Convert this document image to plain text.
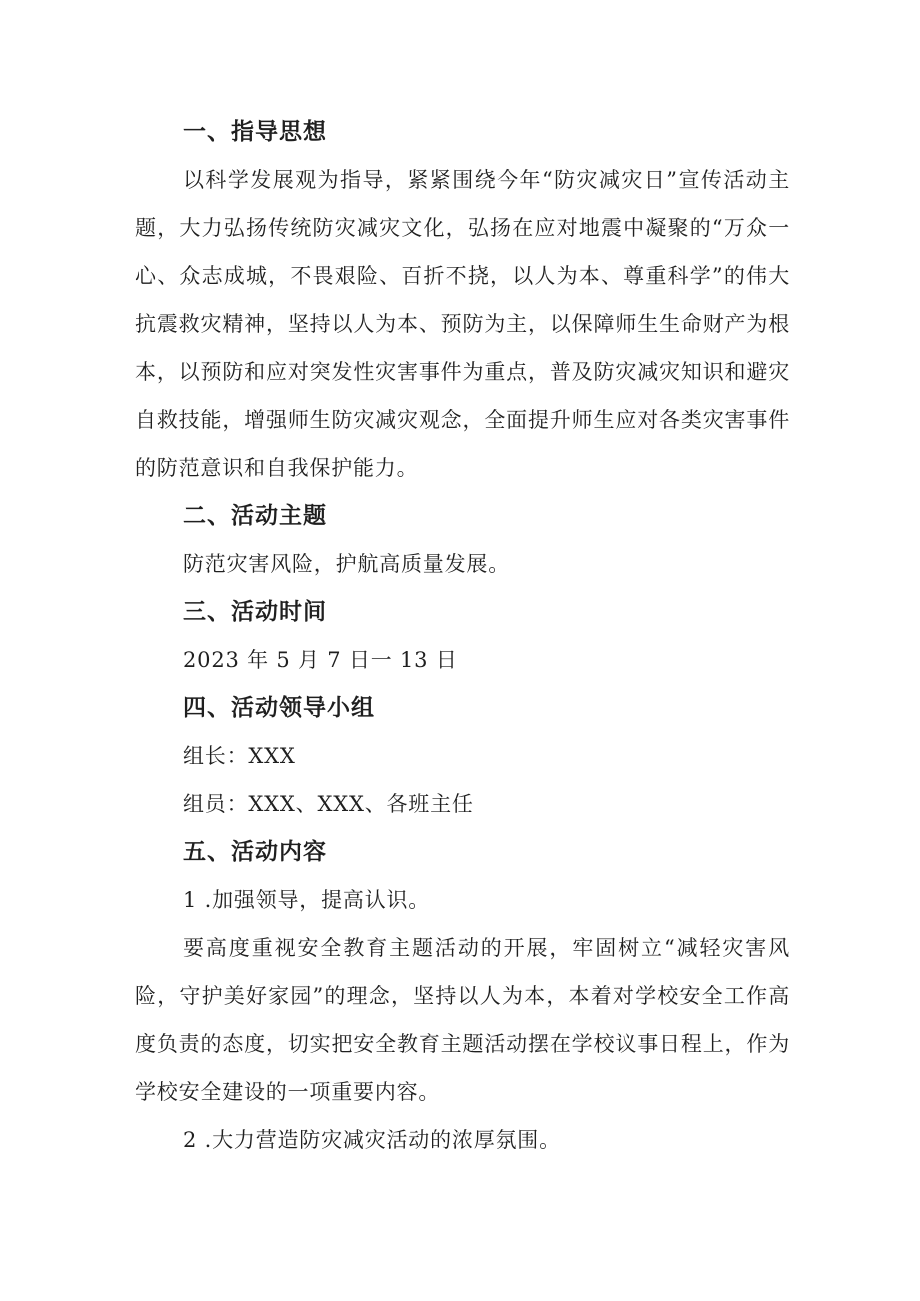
一、指导思想

以科学发展观为指导，紧紧围绕今年“防灾减灾日”宣传活动主题，大力弘扬传统防灾减灾文化，弘扬在应对地震中凝聚的“万众一心、众志成城，不畏艰险、百折不挠，以人为本、尊重科学”的伟大抗震救灾精神，坚持以人为本、预防为主，以保障师生生命财产为根本，以预防和应对突发性灾害事件为重点，普及防灾减灾知识和避灾自救技能，增强师生防灾减灾观念，全面提升师生应对各类灾害事件的防范意识和自我保护能力。

二、活动主题

防范灾害风险，护航高质量发展。

三、活动时间

2023 年 5 月 7 日一 13 日

四、活动领导小组

组长：XXX

组员：XXX、XXX、各班主任

五、活动内容

1 .加强领导，提高认识。

要高度重视安全教育主题活动的开展，牢固树立“减轻灾害风险，守护美好家园”的理念，坚持以人为本，本着对学校安全工作高度负责的态度，切实把安全教育主题活动摆在学校议事日程上，作为学校安全建设的一项重要内容。

2 .大力营造防灾减灾活动的浓厚氛围。
